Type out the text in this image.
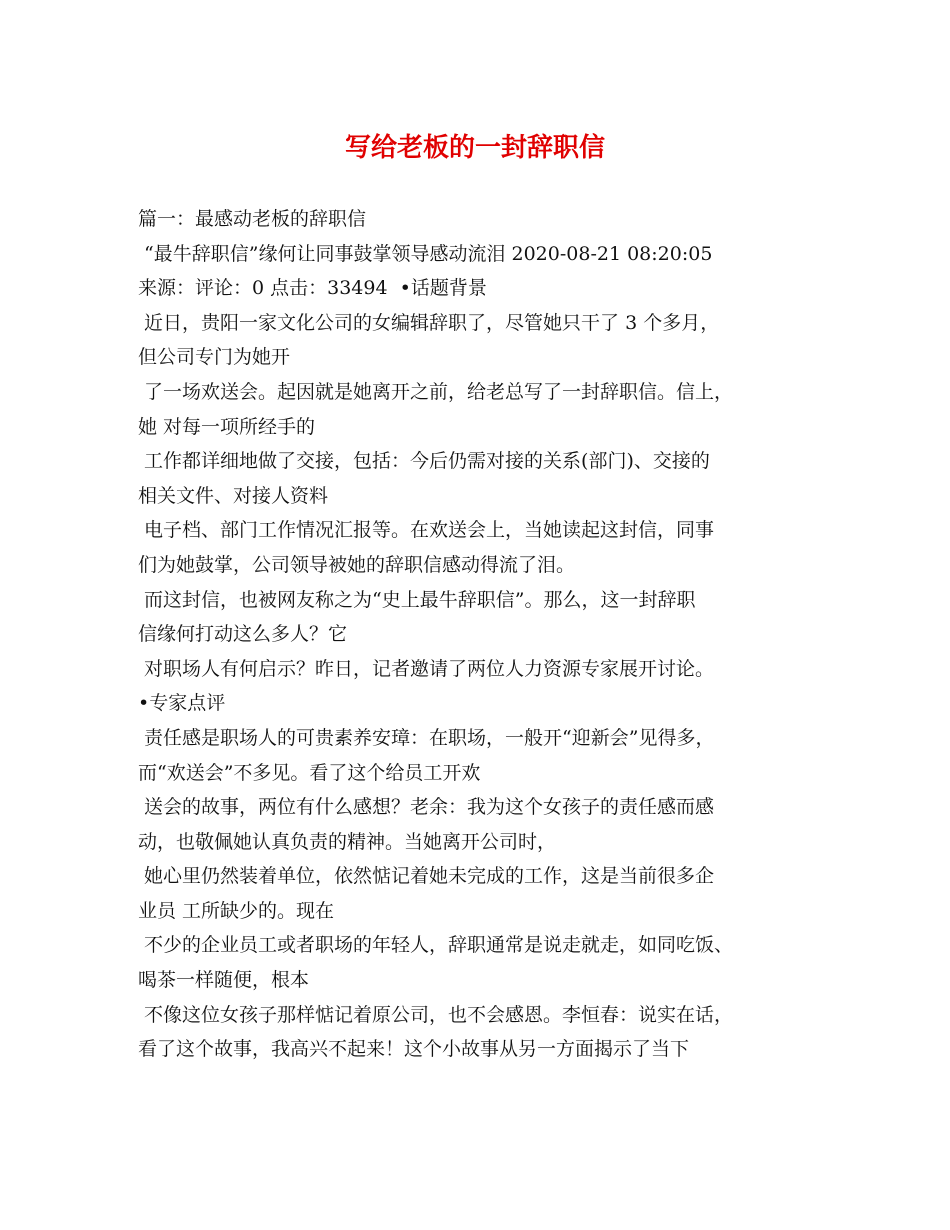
写给老板的一封辞职信
篇一：最感动老板的辞职信
“最牛辞职信”缘何让同事鼓掌领导感动流泪 2020-08-21 08:20:05
来源：评论：0 点击：33494  •话题背景
近日，贵阳一家文化公司的女编辑辞职了，尽管她只干了 3 个多月，
但公司专门为她开
了一场欢送会。起因就是她离开之前，给老总写了一封辞职信。信上，
她 对每一项所经手的
工作都详细地做了交接，包括：今后仍需对接的关系(部门)、交接的
相关文件、对接人资料
电子档、部门工作情况汇报等。在欢送会上，当她读起这封信，同事
们为她鼓掌，公司领导被她的辞职信感动得流了泪。
而这封信，也被网友称之为“史上最牛辞职信”。那么，这一封辞职
信缘何打动这么多人？它
对职场人有何启示？昨日，记者邀请了两位人力资源专家展开讨论。
•专家点评
责任感是职场人的可贵素养安璋：在职场，一般开“迎新会”见得多，
而“欢送会”不多见。看了这个给员工开欢
送会的故事，两位有什么感想？老余：我为这个女孩子的责任感而感
动，也敬佩她认真负责的精神。当她离开公司时，
她心里仍然装着单位，依然惦记着她未完成的工作，这是当前很多企
业员 工所缺少的。现在
不少的企业员工或者职场的年轻人，辞职通常是说走就走，如同吃饭、
喝茶一样随便，根本
不像这位女孩子那样惦记着原公司，也不会感恩。李恒春：说实在话，
看了这个故事，我高兴不起来！这个小故事从另一方面揭示了当下
